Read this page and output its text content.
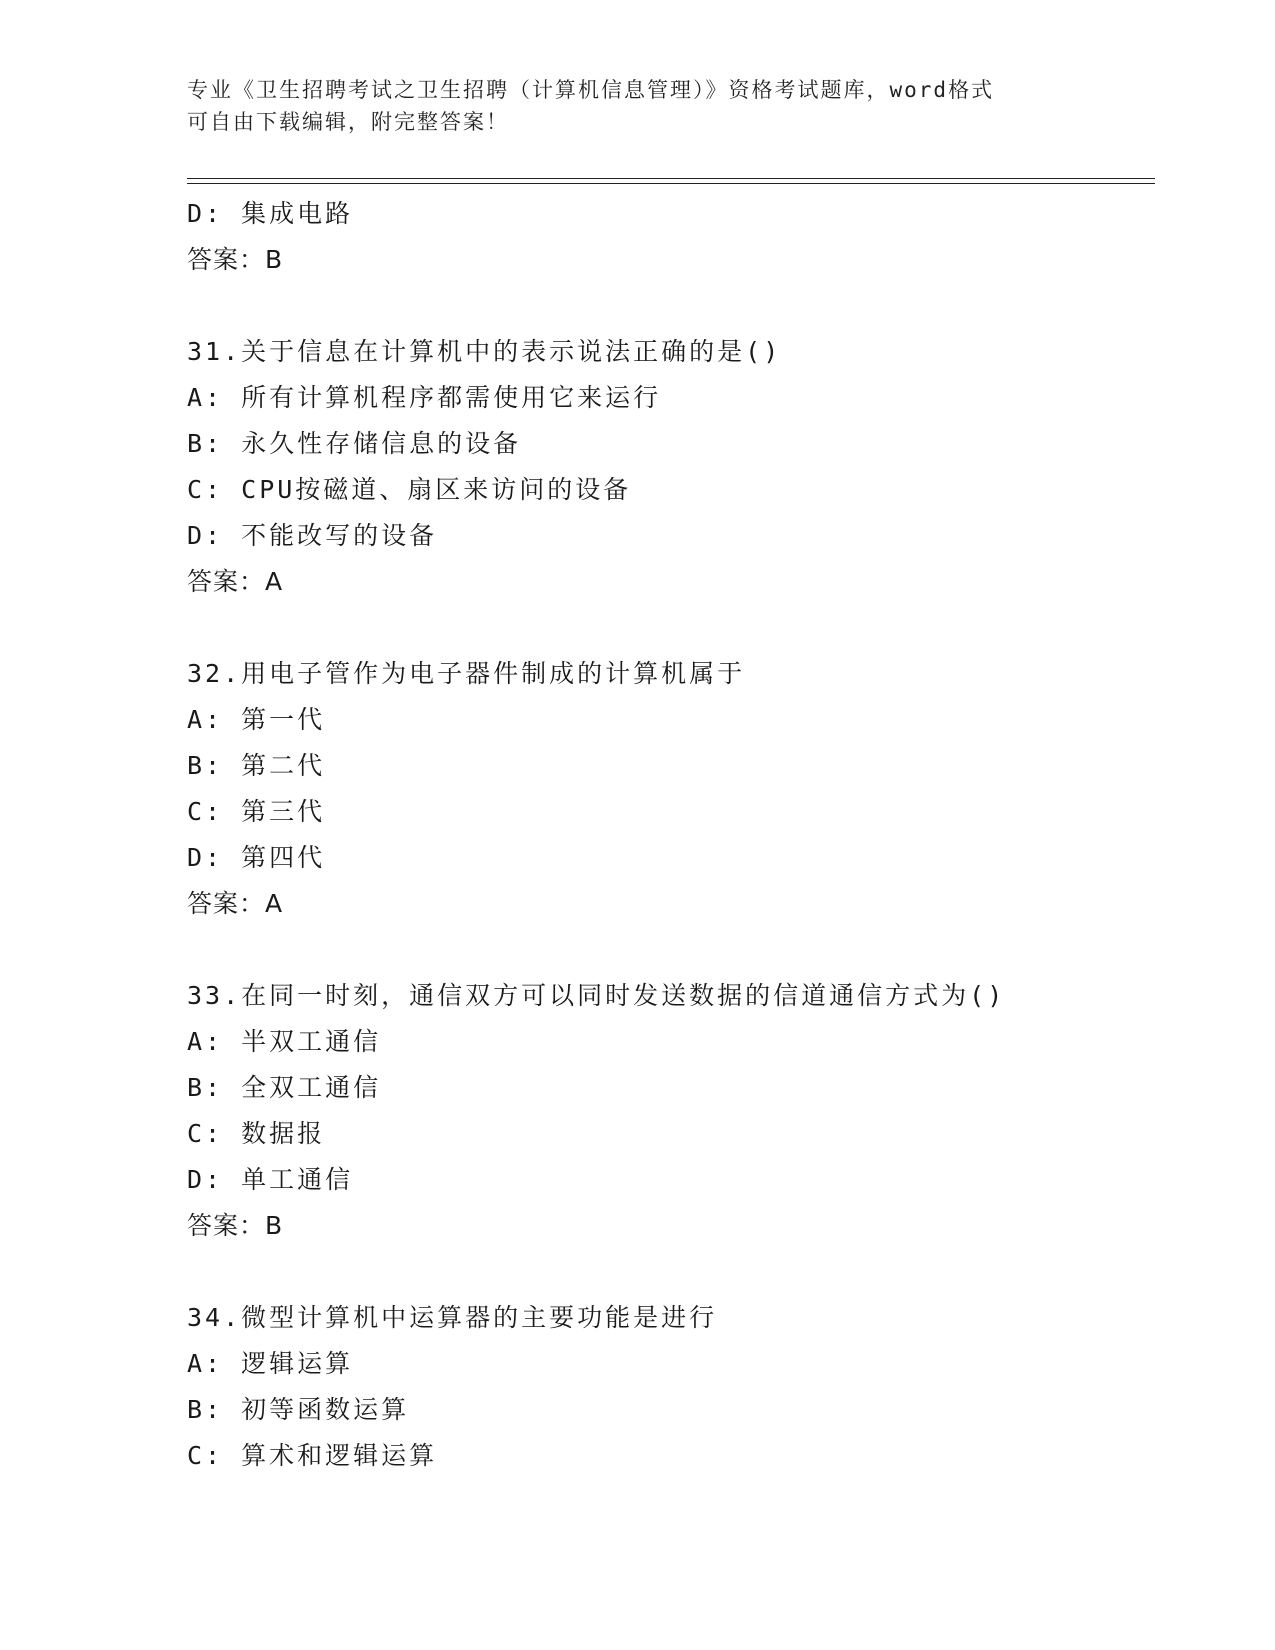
专业《卫生招聘考试之卫生招聘（计算机信息管理）》资格考试题库，word格式
可自由下载编辑，附完整答案！
D: 集成电路
答案：B
31.关于信息在计算机中的表示说法正确的是()
A: 所有计算机程序都需使用它来运行
B: 永久性存储信息的设备
C: CPU按磁道、扇区来访问的设备
D: 不能改写的设备
答案：A
32.用电子管作为电子器件制成的计算机属于
A: 第一代
B: 第二代
C: 第三代
D: 第四代
答案：A
33.在同一时刻，通信双方可以同时发送数据的信道通信方式为()
A: 半双工通信
B: 全双工通信
C: 数据报
D: 单工通信
答案：B
34.微型计算机中运算器的主要功能是进行
A: 逻辑运算
B: 初等函数运算
C: 算术和逻辑运算
